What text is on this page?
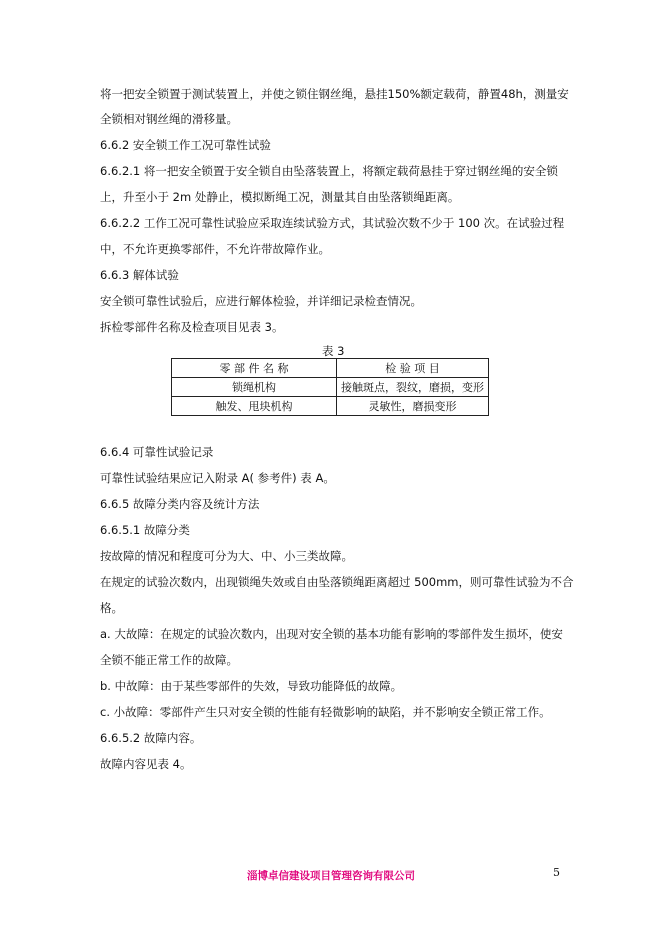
将一把安全锁置于测试装置上，并使之锁住钢丝绳，悬挂150%额定载荷，静置48h，测量安
全锁相对钢丝绳的滑移量。
6.6.2 安全锁工作工况可靠性试验
6.6.2.1 将一把安全锁置于安全锁自由坠落装置上，将额定载荷悬挂于穿过钢丝绳的安全锁
上，升至小于 2m 处静止，模拟断绳工况，测量其自由坠落锁绳距离。
6.6.2.2 工作工况可靠性试验应采取连续试验方式，其试验次数不少于 100 次。在试验过程
中，不允许更换零部件，不允许带故障作业。
6.6.3 解体试验
安全锁可靠性试验后，应进行解体检验，并详细记录检查情况。
拆检零部件名称及检查项目见表 3。
表 3
零 部 件 名 称	检 验 项 目
锁绳机构	接触斑点，裂纹，磨损，变形
触发、甩块机构	灵敏性，磨损变形
6.6.4 可靠性试验记录
可靠性试验结果应记入附录 A( 参考件) 表 A。
6.6.5 故障分类内容及统计方法
6.6.5.1 故障分类
按故障的情况和程度可分为大、中、小三类故障。
在规定的试验次数内，出现锁绳失效或自由坠落锁绳距离超过 500mm，则可靠性试验为不合
格。
a. 大故障：在规定的试验次数内，出现对安全锁的基本功能有影响的零部件发生损坏，使安
全锁不能正常工作的故障。
b. 中故障：由于某些零部件的失效，导致功能降低的故障。
c. 小故障：零部件产生只对安全锁的性能有轻微影响的缺陷，并不影响安全锁正常工作。
6.6.5.2 故障内容。
故障内容见表 4。
淄博卓信建设项目管理咨询有限公司	5
